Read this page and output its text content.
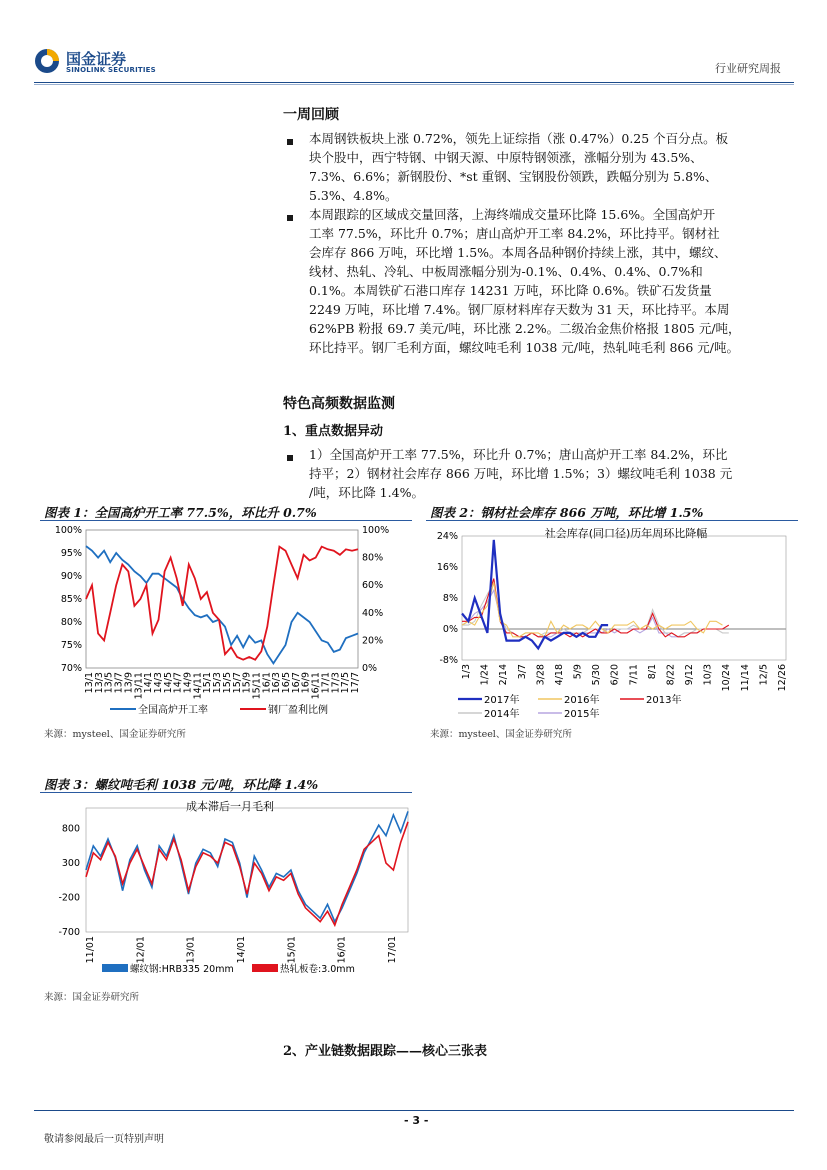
国金证券
SINOLINK SECURITIES	行业研究周报
一周回顾
本周钢铁板块上涨 0.72%，领先上证综指（涨 0.47%）0.25 个百分点。板
块个股中，西宁特钢、中钢天源、中原特钢领涨，涨幅分别为 43.5%、
7.3%、6.6%；新钢股份、*st 重钢、宝钢股份领跌，跌幅分别为 5.8%、
5.3%、4.8%。
本周跟踪的区域成交量回落，上海终端成交量环比降 15.6%。全国高炉开
工率 77.5%，环比升 0.7%；唐山高炉开工率 84.2%，环比持平。钢材社
会库存 866 万吨，环比增 1.5%。本周各品种钢价持续上涨，其中，螺纹、
线材、热轧、冷轧、中板周涨幅分别为-0.1%、0.4%、0.4%、0.7%和
0.1%。本周铁矿石港口库存 14231 万吨，环比降 0.6%。铁矿石发货量
2249 万吨，环比增 7.4%。钢厂原材料库存天数为 31 天，环比持平。本周
62%PB 粉报 69.7 美元/吨，环比涨 2.2%。二级冶金焦价格报 1805 元/吨，
环比持平。钢厂毛利方面，螺纹吨毛利 1038 元/吨，热轧吨毛利 866 元/吨。
特色高频数据监测
1、重点数据异动
1）全国高炉开工率 77.5%，环比升 0.7%；唐山高炉开工率 84.2%，环比
持平；2）钢材社会库存 866 万吨，环比增 1.5%；3）螺纹吨毛利 1038 元
/吨，环比降 1.4%。
图表 1：全国高炉开工率 77.5%，环比升 0.7%	图表 2：钢材社会库存 866 万吨，环比增 1.5%
70%
75%
80%
85%
90%
95%
100%
0%
20%
40%
60%
80%
100%
13/1
13/3
13/5
13/7
13/9
13/11
14/1
14/3
14/5
14/7
14/9
14/11
15/1
15/3
15/5
15/7
15/9
15/11
16/1
16/3
16/5
16/7
16/9
16/11
17/1
17/3
17/5
17/7
全国高炉开工率	钢厂盈利比例
社会库存(同口径)历年周环比降幅
-8%
0%
8%
16%
24%
1/3 1/24 2/14 3/7 3/28 4/18 5/9 5/30 6/20 7/11 8/1 8/22 9/12 10/3 10/24 11/14 12/5 12/26
2017年	2016年	2013年
2014年	2015年
来源：mysteel、国金证券研究所	来源：mysteel、国金证券研究所
图表 3：螺纹吨毛利 1038 元/吨，环比降 1.4%
成本滞后一月毛利
-700
-200
300
800
11/01	12/01	13/01	14/01	15/01	16/01	17/01
螺纹钢:HRB335 20mm	热轧板卷:3.0mm
来源：国金证券研究所
2、产业链数据跟踪——核心三张表
- 3 -
敬请参阅最后一页特别声明
